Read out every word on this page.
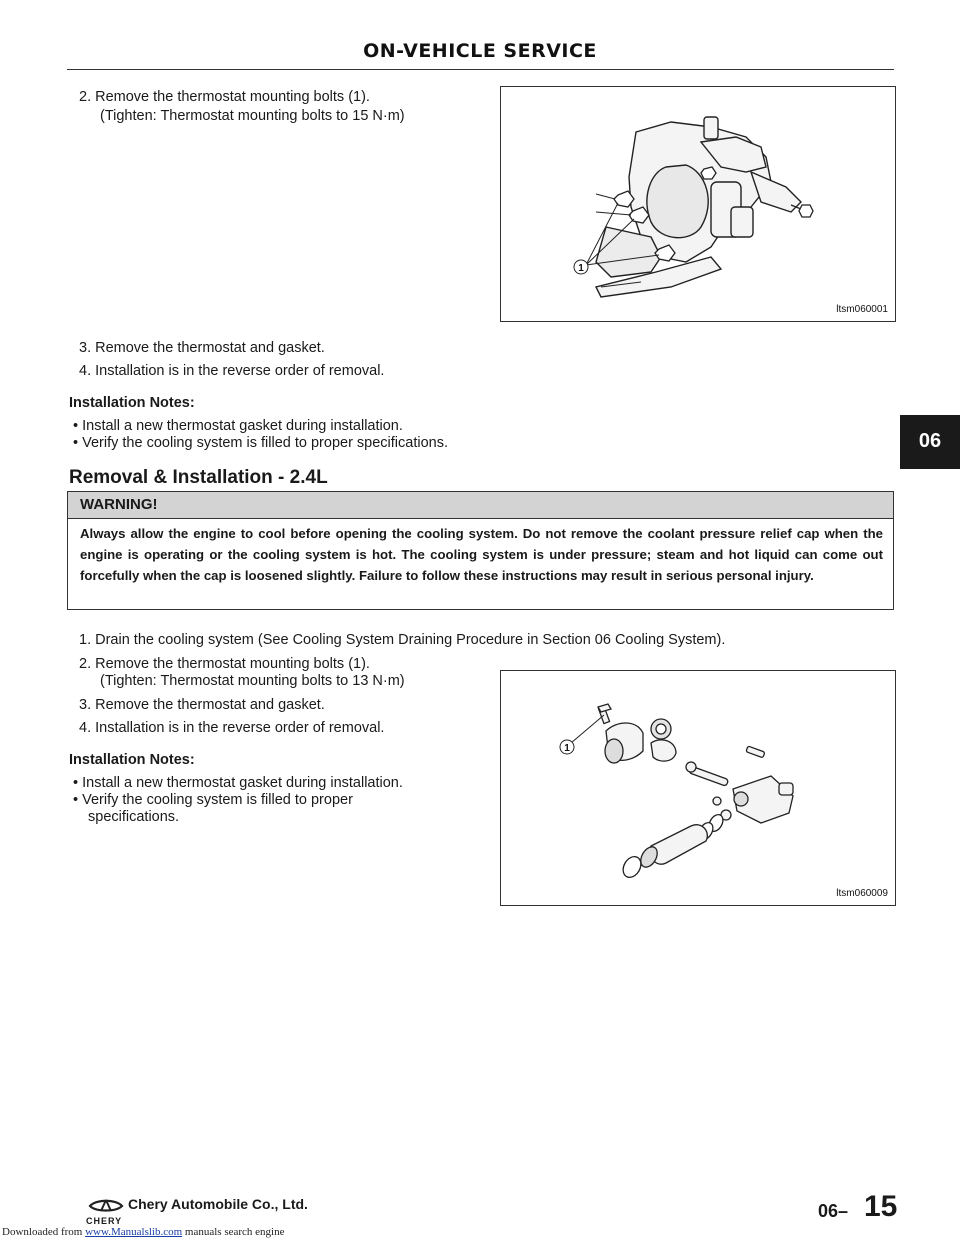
ON-VEHICLE SERVICE
2. Remove the thermostat mounting bolts (1).
(Tighten: Thermostat mounting bolts to 15 N·m)
1
ltsm060001
3. Remove the thermostat and gasket.
4. Installation is in the reverse order of removal.
Installation Notes:
• Install a new thermostat gasket during installation.
• Verify the cooling system is filled to proper specifications.	06
Removal & Installation - 2.4L
WARNING!
Always allow the engine to cool before opening the cooling system. Do not remove the coolant pressure relief cap when the engine is operating or the cooling system is hot. The cooling system is under pressure; steam and hot liquid can come out forcefully when the cap is loosened slightly. Failure to follow these instructions may result in serious personal injury.
1. Drain the cooling system (See Cooling System Draining Procedure in Section 06 Cooling System).
2. Remove the thermostat mounting bolts (1).
(Tighten: Thermostat mounting bolts to 13 N·m)
3. Remove the thermostat and gasket.
4. Installation is in the reverse order of removal.
Installation Notes:
• Install a new thermostat gasket during installation.
• Verify the cooling system is filled to proper
specifications.
1
ltsm060009
CHERY
Chery Automobile Co., Ltd.	06– 15
Downloaded from www.Manualslib.com manuals search engine
